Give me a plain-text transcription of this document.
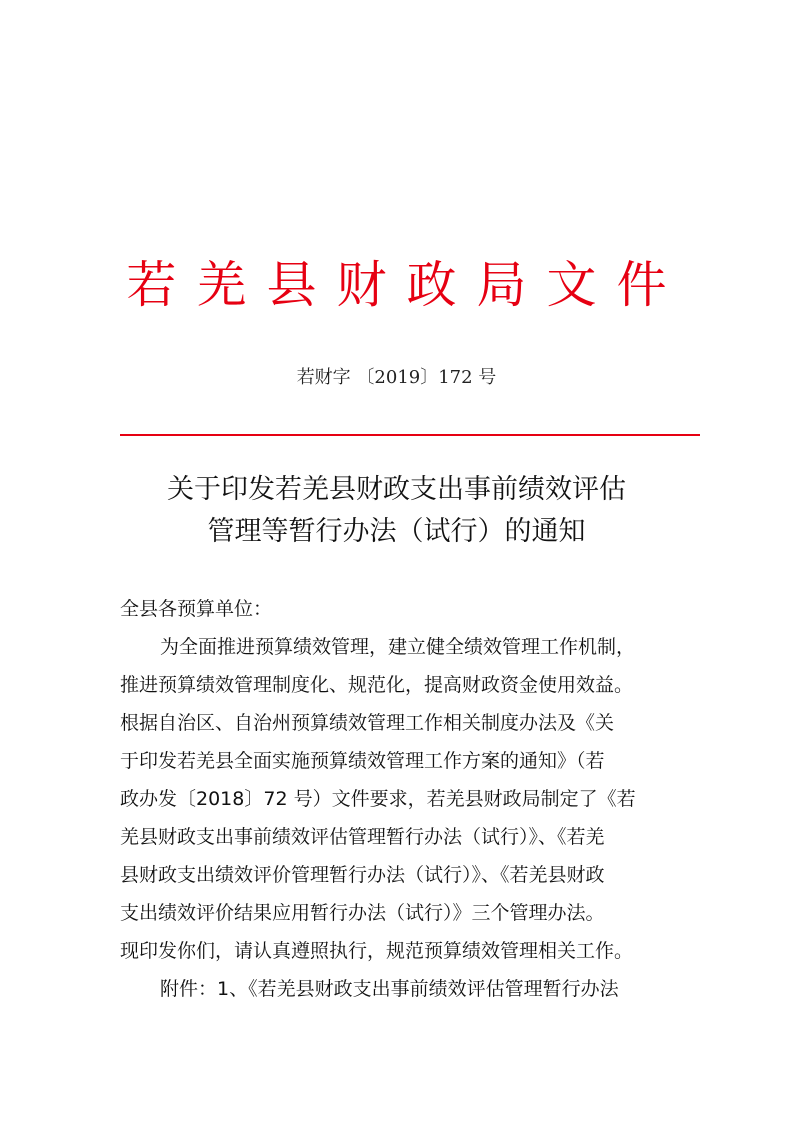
若羌县财政局文件
若财字 〔2019〕172 号
关于印发若羌县财政支出事前绩效评估
管理等暂行办法（试行）的通知
全县各预算单位：
为全面推进预算绩效管理，建立健全绩效管理工作机制，
推进预算绩效管理制度化、规范化，提高财政资金使用效益。
根据自治区、自治州预算绩效管理工作相关制度办法及《关
于印发若羌县全面实施预算绩效管理工作方案的通知》（若
政办发〔2018〕72 号）文件要求，若羌县财政局制定了《若
羌县财政支出事前绩效评估管理暂行办法（试行）》、《若羌
县财政支出绩效评价管理暂行办法（试行）》、《若羌县财政
支出绩效评价结果应用暂行办法（试行）》三个管理办法。
现印发你们，请认真遵照执行，规范预算绩效管理相关工作。
附件：1、《若羌县财政支出事前绩效评估管理暂行办法
